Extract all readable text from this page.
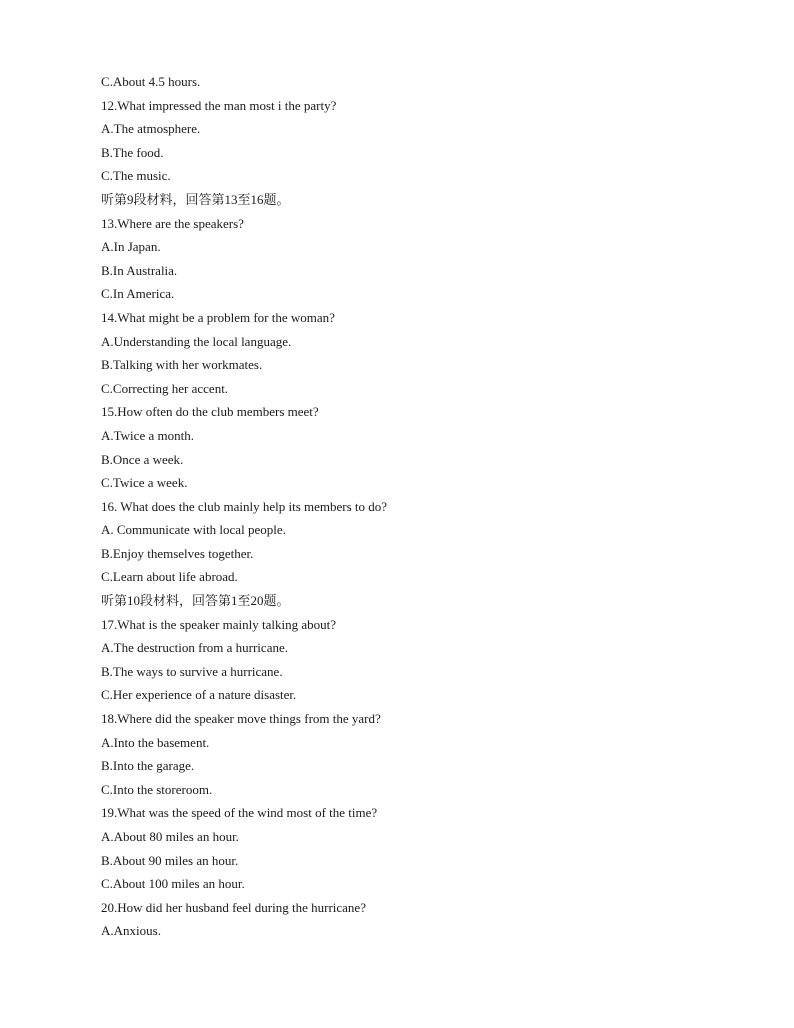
C.About 4.5 hours.
12.What impressed the man most i the party?
A.The atmosphere.
B.The food.
C.The music.
听第9段材料，回答第13至16题。
13.Where are the speakers?
A.In Japan.
B.In Australia.
C.In America.
14.What might be a problem for the woman?
A.Understanding the local language.
B.Talking with her workmates.
C.Correcting her accent.
15.How often do the club members meet?
A.Twice a month.
B.Once a week.
C.Twice a week.
16. What does the club mainly help its members to do?
A. Communicate with local people.
B.Enjoy themselves together.
C.Learn about life abroad.
听第10段材料，回答第1至20题。
17.What is the speaker mainly talking about?
A.The destruction from a hurricane.
B.The ways to survive a hurricane.
C.Her experience of a nature disaster.
18.Where did the speaker move things from the yard?
A.Into the basement.
B.Into the garage.
C.Into the storeroom.
19.What was the speed of the wind most of the time?
A.About 80 miles an hour.
B.About 90 miles an hour.
C.About 100 miles an hour.
20.How did her husband feel during the hurricane?
A.Anxious.
